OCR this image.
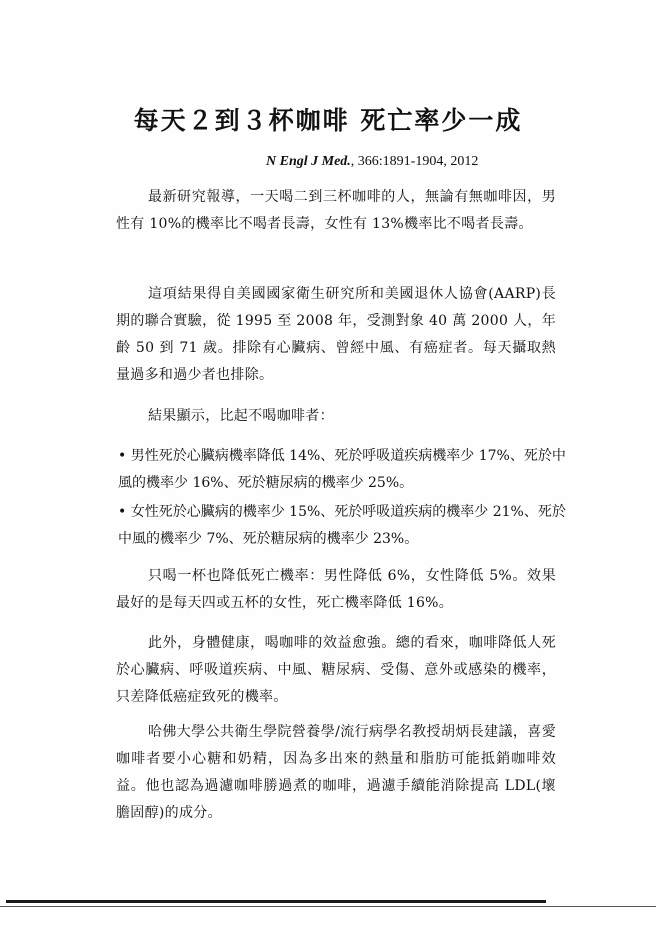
每天２到３杯咖啡 死亡率少一成
N Engl J Med., 366:1891-1904, 2012
最新研究報導，一天喝二到三杯咖啡的人，無論有無咖啡因，男性有 10%的機率比不喝者長壽，女性有 13%機率比不喝者長壽。
這項結果得自美國國家衛生研究所和美國退休人協會(AARP)長期的聯合實驗，從 1995 至 2008 年，受測對象 40 萬 2000 人，年齡 50 到 71 歲。排除有心臟病、曾經中風、有癌症者。每天攝取熱量過多和過少者也排除。
結果顯示，比起不喝咖啡者：
• 男性死於心臟病機率降低 14%、死於呼吸道疾病機率少 17%、死於中風的機率少 16%、死於糖尿病的機率少 25%。
• 女性死於心臟病的機率少 15%、死於呼吸道疾病的機率少 21%、死於中風的機率少 7%、死於糖尿病的機率少 23%。
只喝一杯也降低死亡機率：男性降低 6%，女性降低 5%。效果最好的是每天四或五杯的女性，死亡機率降低 16%。
此外，身體健康，喝咖啡的效益愈強。總的看來，咖啡降低人死於心臟病、呼吸道疾病、中風、糖尿病、受傷、意外或感染的機率，只差降低癌症致死的機率。
哈佛大學公共衛生學院營養學/流行病學名教授胡炳長建議，喜愛咖啡者要小心糖和奶精，因為多出來的熱量和脂肪可能抵銷咖啡效益。他也認為過濾咖啡勝過煮的咖啡，過濾手續能消除提高 LDL(壞膽固醇)的成分。
